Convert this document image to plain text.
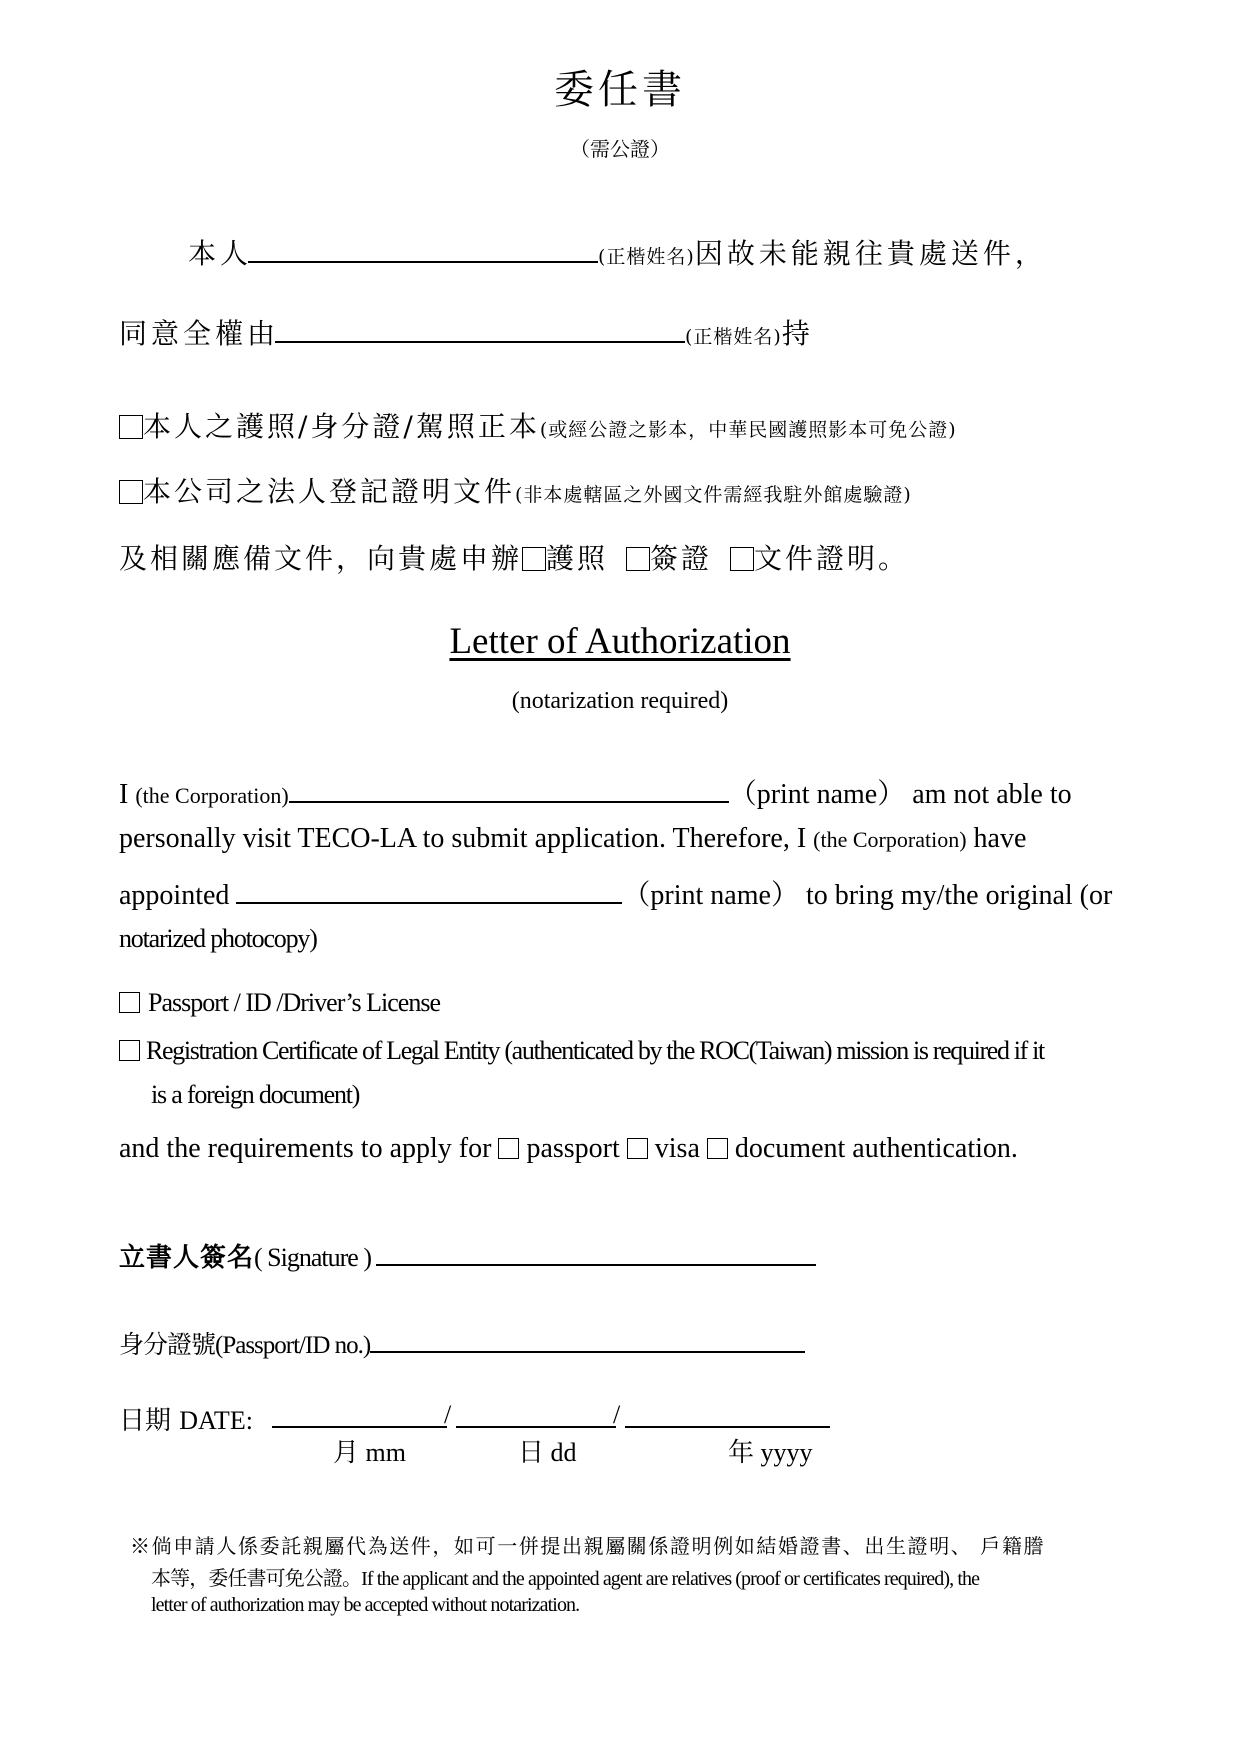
委任書
（需公證）
本人	(正楷姓名)因故未能親往貴處送件，
同意全權由	(正楷姓名)持
本人之護照/身分證/駕照正本(或經公證之影本，中華民國護照影本可免公證)
本公司之法人登記證明文件(非本處轄區之外國文件需經我駐外館處驗證)
及相關應備文件，向貴處申辦 護照 簽證 文件證明。
Letter of Authorization
(notarization required)
I (the Corporation)	（print name） am not able to
personally visit TECO-LA to submit application. Therefore, I (the Corporation) have
appointed	（print name） to bring my/the original (or
notarized photocopy)
Passport / ID /Driver’s License
Registration Certificate of Legal Entity (authenticated by the ROC(Taiwan) mission is required if it
is a foreign document)
and the requirements to apply for  passport  visa  document authentication.
立書人簽名( Signature )
身分證號(Passport/ID no.)
日期 DATE:	/	/
月 mm	日 dd	年 yyyy
※倘申請人係委託親屬代為送件，如可一併提出親屬關係證明例如結婚證書、出生證明、 戶籍謄
本等，委任書可免公證。If the applicant and the appointed agent are relatives (proof or certificates required), the
letter of authorization may be accepted without notarization.
